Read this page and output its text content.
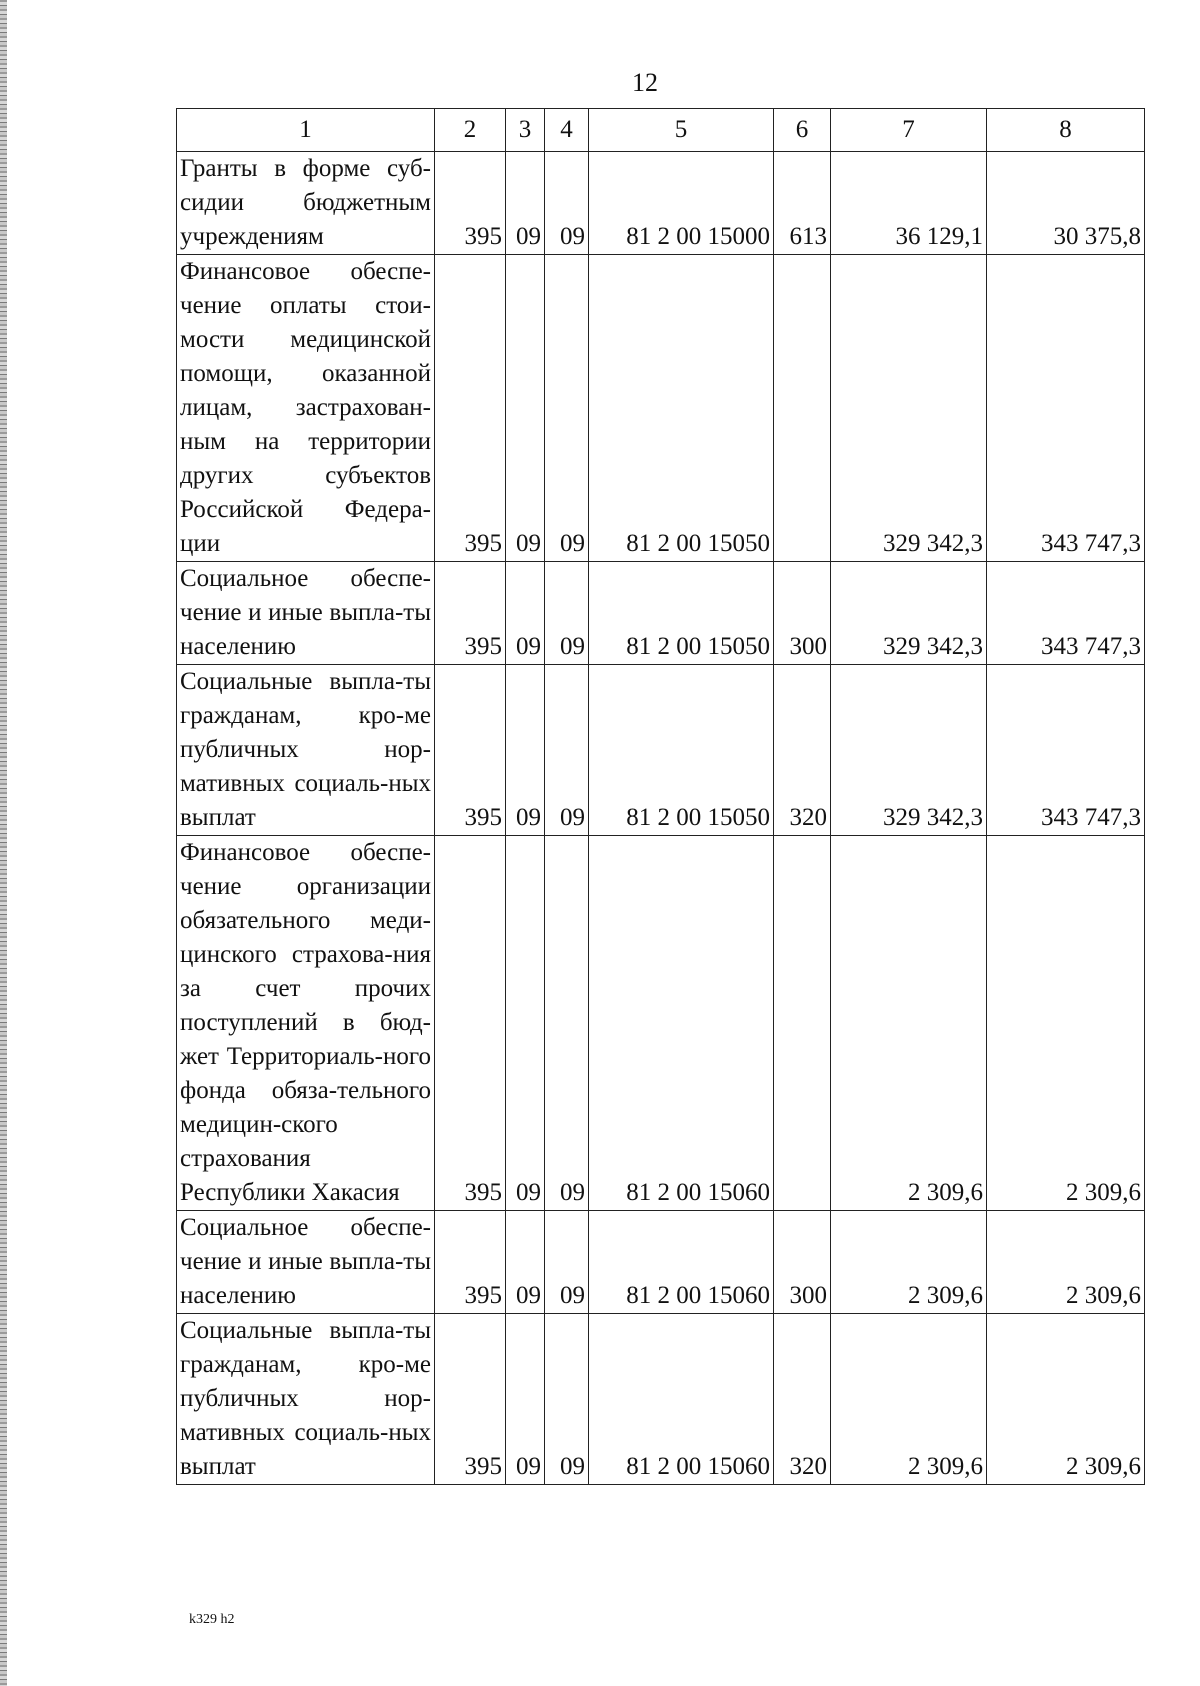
12
1	2	3	4	5	6	7	8
Гранты в форме суб-сидии бюджетным учреждениям	395	09	09	81 2 00 15000	613	36 129,1	30 375,8
Финансовое обеспе-чение оплаты стои-мости медицинской помощи, оказанной лицам, застрахован-ным на территории других субъектов Российской Федера-ции	395	09	09	81 2 00 15050		329 342,3	343 747,3
Социальное обеспе-чение и иные выпла-ты населению	395	09	09	81 2 00 15050	300	329 342,3	343 747,3
Социальные выпла-ты гражданам, кро-ме публичных нор-мативных социаль-ных выплат	395	09	09	81 2 00 15050	320	329 342,3	343 747,3
Финансовое обеспе-чение организации обязательного меди-цинского страхова-ния за счет прочих поступлений в бюд-жет Территориаль-ного фонда обяза-тельного медицин-ского страхования Республики Хакасия	395	09	09	81 2 00 15060		2 309,6	2 309,6
Социальное обеспе-чение и иные выпла-ты населению	395	09	09	81 2 00 15060	300	2 309,6	2 309,6
Социальные выпла-ты гражданам, кро-ме публичных нор-мативных социаль-ных выплат	395	09	09	81 2 00 15060	320	2 309,6	2 309,6
k329 h2
